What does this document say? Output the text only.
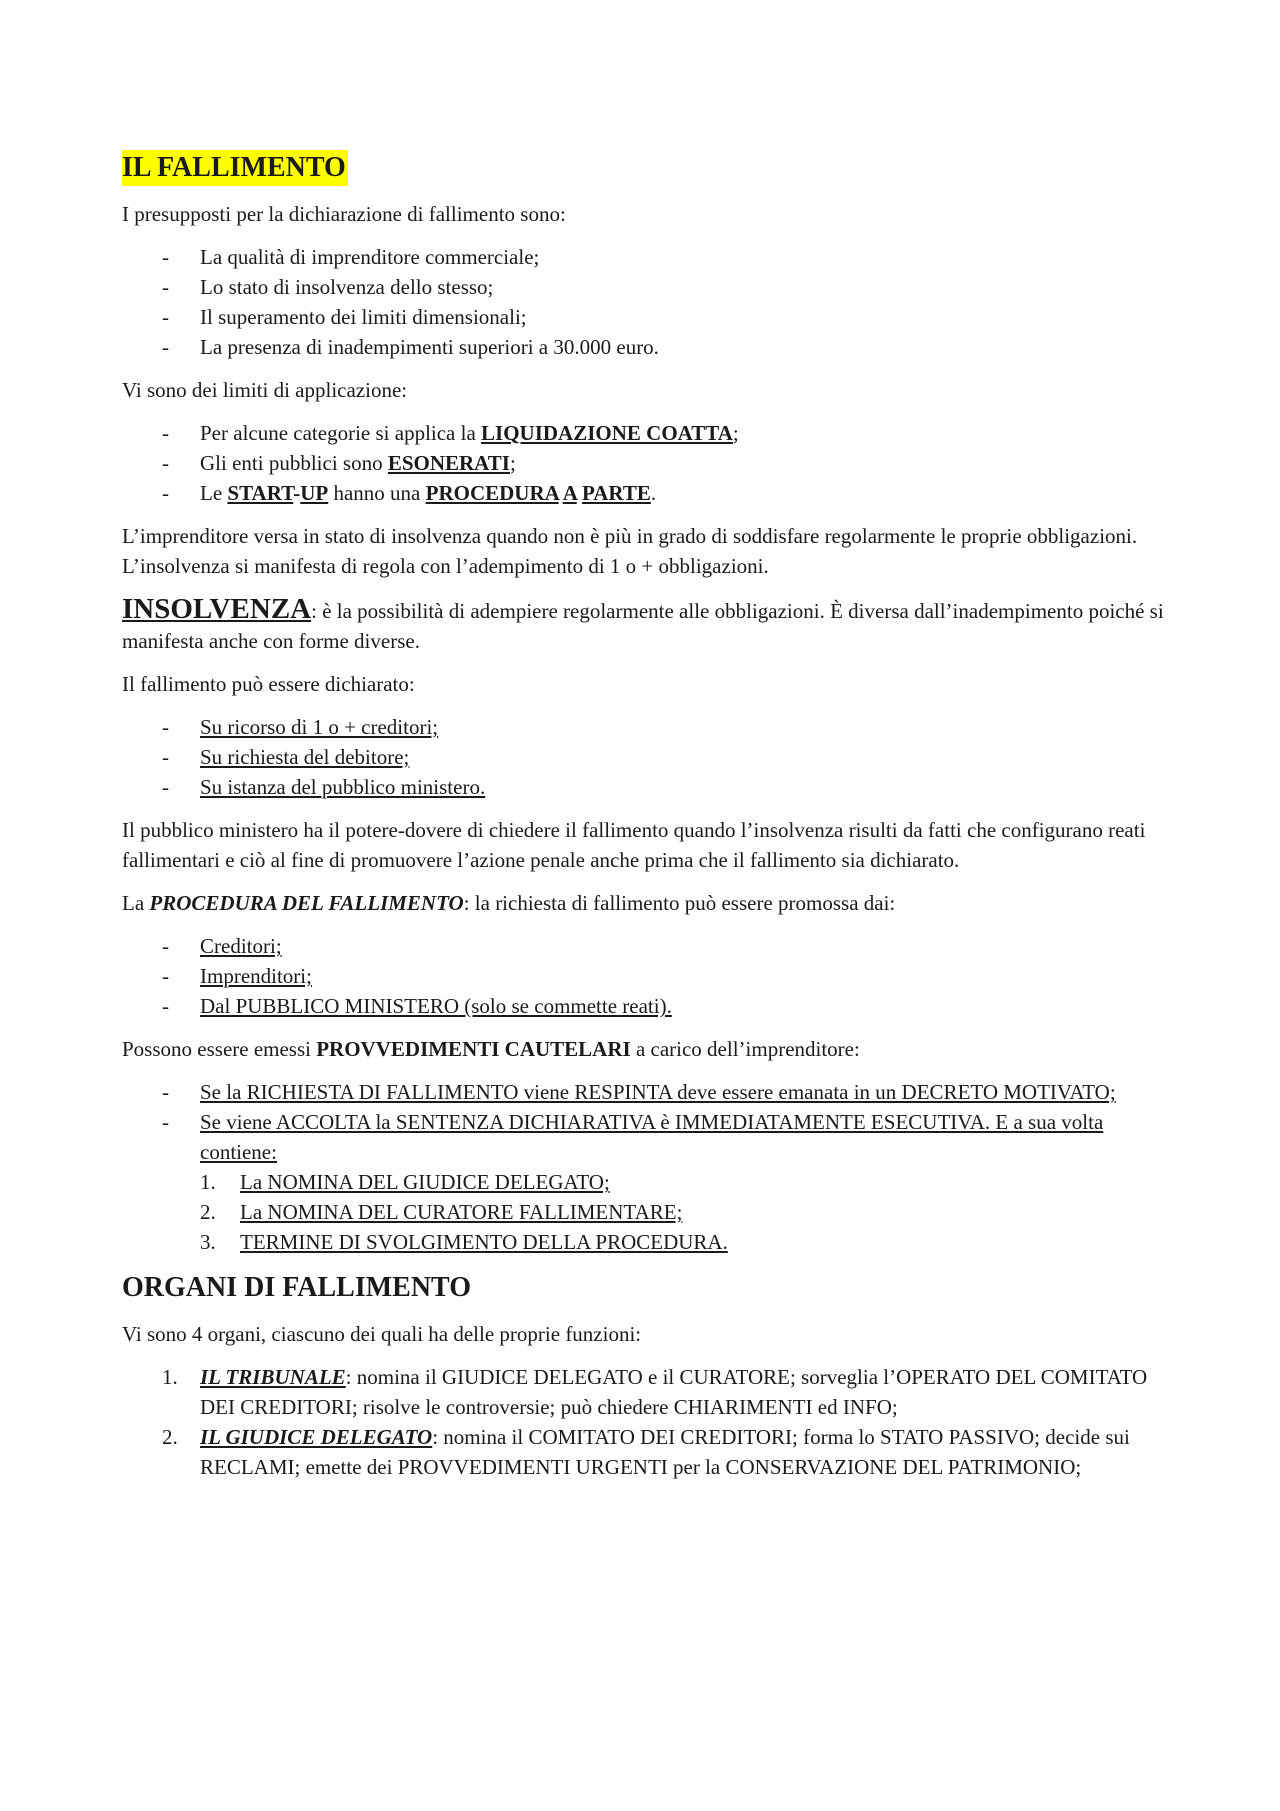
IL FALLIMENTO

I presupposti per la dichiarazione di fallimento sono:

- La qualità di imprenditore commerciale;
- Lo stato di insolvenza dello stesso;
- Il superamento dei limiti dimensionali;
- La presenza di inadempimenti superiori a 30.000 euro.

Vi sono dei limiti di applicazione:

- Per alcune categorie si applica la LIQUIDAZIONE COATTA;
- Gli enti pubblici sono ESONERATI;
- Le START-UP hanno una PROCEDURA A PARTE.

L’imprenditore versa in stato di insolvenza quando non è più in grado di soddisfare regolarmente le proprie obbligazioni. L’insolvenza si manifesta di regola con l’adempimento di 1 o + obbligazioni.

INSOLVENZA: è la possibilità di adempiere regolarmente alle obbligazioni. È diversa dall’inadempimento poiché si manifesta anche con forme diverse.

Il fallimento può essere dichiarato:

- Su ricorso di 1 o + creditori;
- Su richiesta del debitore;
- Su istanza del pubblico ministero.

Il pubblico ministero ha il potere-dovere di chiedere il fallimento quando l’insolvenza risulti da fatti che configurano reati fallimentari e ciò al fine di promuovere l’azione penale anche prima che il fallimento sia dichiarato.

La PROCEDURA DEL FALLIMENTO: la richiesta di fallimento può essere promossa dai:

- Creditori;
- Imprenditori;
- Dal PUBBLICO MINISTERO (solo se commette reati).

Possono essere emessi PROVVEDIMENTI CAUTELARI a carico dell’imprenditore:

- Se la RICHIESTA DI FALLIMENTO viene RESPINTA deve essere emanata in un DECRETO MOTIVATO;
- Se viene ACCOLTA la SENTENZA DICHIARATIVA è IMMEDIATAMENTE ESECUTIVA. E a sua volta contiene:
1. La NOMINA DEL GIUDICE DELEGATO;
2. La NOMINA DEL CURATORE FALLIMENTARE;
3. TERMINE DI SVOLGIMENTO DELLA PROCEDURA.
ORGANI DI FALLIMENTO

Vi sono 4 organi, ciascuno dei quali ha delle proprie funzioni:

1. IL TRIBUNALE: nomina il GIUDICE DELEGATO e il CURATORE; sorveglia l’OPERATO DEL COMITATO DEI CREDITORI; risolve le controversie; può chiedere CHIARIMENTI ed INFO;
2. IL GIUDICE DELEGATO: nomina il COMITATO DEI CREDITORI; forma lo STATO PASSIVO; decide sui RECLAMI; emette dei PROVVEDIMENTI URGENTI per la CONSERVAZIONE DEL PATRIMONIO;
